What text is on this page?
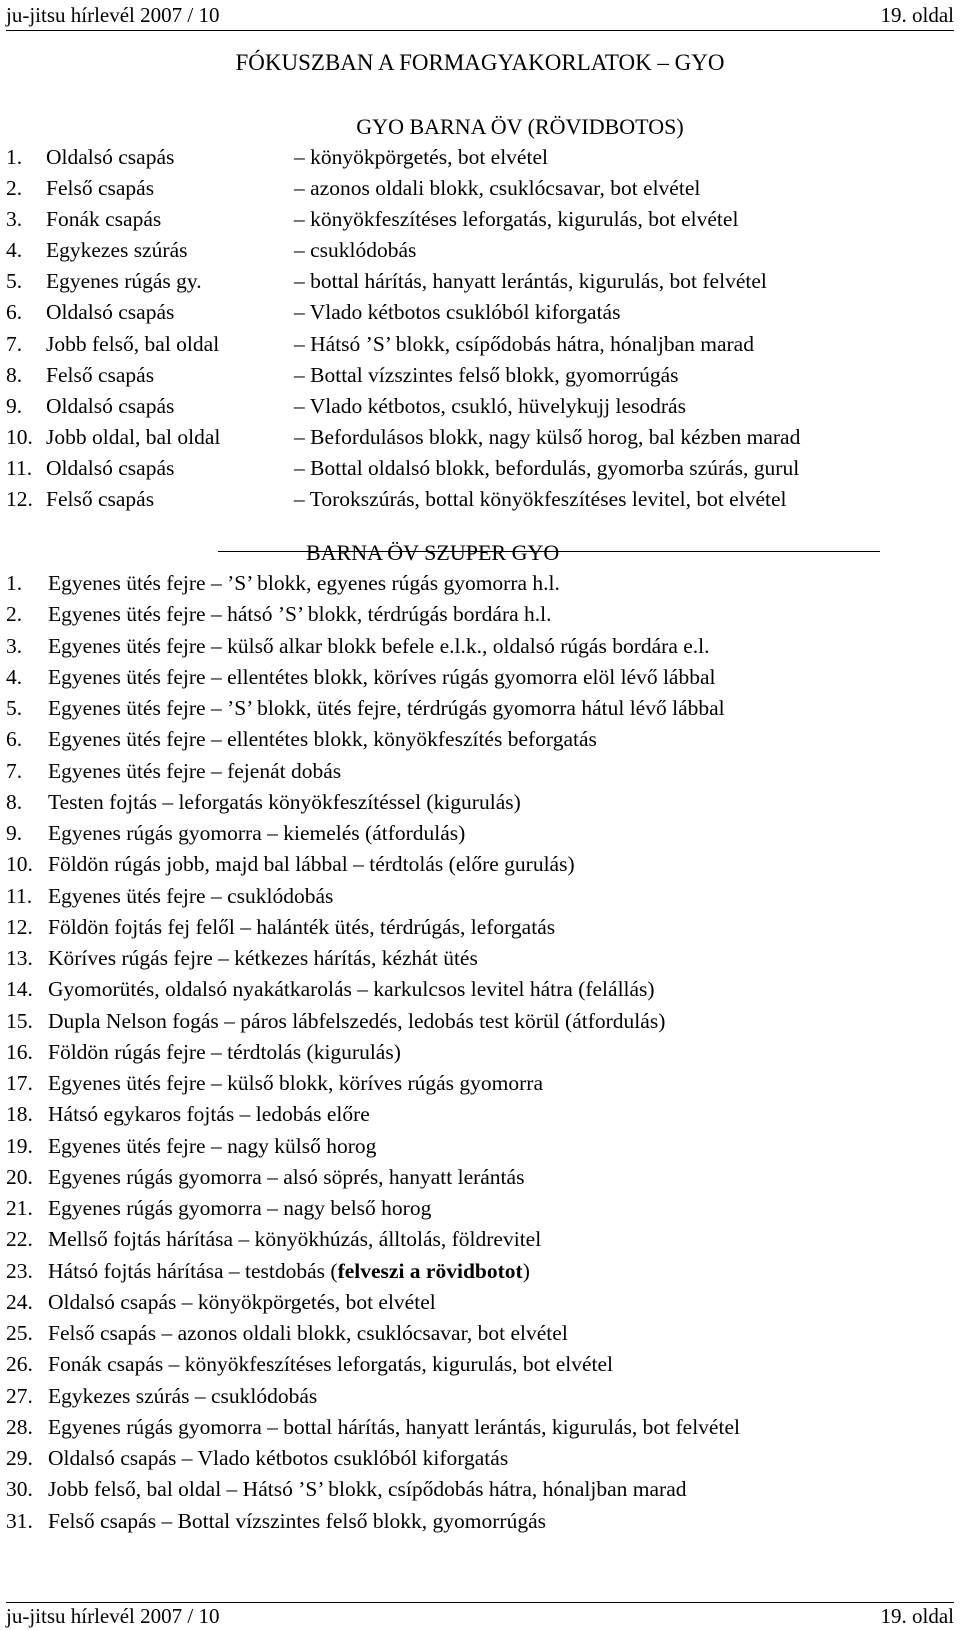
ju-jitsu hírlevél 2007 / 10	19. oldal
FÓKUSZBAN A FORMAGYAKORLATOK – GYO
GYO BARNA ÖV (RÖVIDBOTOS)
1. Oldalsó csapás	– könyökpörgetés, bot elvétel
2. Felső csapás	– azonos oldali blokk, csuklócsavar, bot elvétel
3. Fonák csapás	– könyökfeszítéses leforgatás, kigurulás, bot elvétel
4. Egykezes szúrás	– csuklódobás
5. Egyenes rúgás gy.	– bottal hárítás, hanyatt lerántás, kigurulás, bot felvétel
6. Oldalsó csapás	– Vlado kétbotos csuklóból kiforgatás
7. Jobb felső, bal oldal	– Hátsó ’S’ blokk, csípődobás hátra, hónaljban marad
8. Felső csapás	– Bottal vízszintes felső blokk, gyomorrúgás
9. Oldalsó csapás	– Vlado kétbotos, csukló, hüvelykujj lesodrás
10. Jobb oldal, bal oldal	– Befordulásos blokk, nagy külső horog, bal kézben marad
11. Oldalsó csapás	– Bottal oldalsó blokk, befordulás, gyomorba szúrás, gurul
12. Felső csapás	– Torokszúrás, bottal könyökfeszítéses levitel, bot elvétel
BARNA ÖV SZUPER GYO
1. Egyenes ütés fejre – ’S’ blokk, egyenes rúgás gyomorra h.l.
2. Egyenes ütés fejre – hátsó ’S’ blokk, térdrúgás bordára h.l.
3. Egyenes ütés fejre – külső alkar blokk befele e.l.k., oldalsó rúgás bordára e.l.
4. Egyenes ütés fejre – ellentétes blokk, köríves rúgás gyomorra elöl lévő lábbal
5. Egyenes ütés fejre – ’S’ blokk, ütés fejre, térdrúgás gyomorra hátul lévő lábbal
6. Egyenes ütés fejre – ellentétes blokk, könyökfeszítés beforgatás
7. Egyenes ütés fejre – fejenát dobás
8. Testen fojtás – leforgatás könyökfeszítéssel (kigurulás)
9. Egyenes rúgás gyomorra – kiemelés (átfordulás)
10. Földön rúgás jobb, majd bal lábbal – térdtolás (előre gurulás)
11. Egyenes ütés fejre – csuklódobás
12. Földön fojtás fej felől – halánték ütés, térdrúgás, leforgatás
13. Köríves rúgás fejre – kétkezes hárítás, kézhát ütés
14. Gyomorütés, oldalsó nyakátkarolás – karkulcsos levitel hátra (felállás)
15. Dupla Nelson fogás – páros lábfelszedés, ledobás test körül (átfordulás)
16. Földön rúgás fejre – térdtolás (kigurulás)
17. Egyenes ütés fejre – külső blokk, köríves rúgás gyomorra
18. Hátsó egykaros fojtás – ledobás előre
19. Egyenes ütés fejre – nagy külső horog
20. Egyenes rúgás gyomorra – alsó söprés, hanyatt lerántás
21. Egyenes rúgás gyomorra – nagy belső horog
22. Mellső fojtás hárítása – könyökhúzás, álltolás, földrevitel
23. Hátsó fojtás hárítása – testdobás (felveszi a rövidbotot)
24. Oldalsó csapás – könyökpörgetés, bot elvétel
25. Felső csapás – azonos oldali blokk, csuklócsavar, bot elvétel
26. Fonák csapás – könyökfeszítéses leforgatás, kigurulás, bot elvétel
27. Egykezes szúrás – csuklódobás
28. Egyenes rúgás gyomorra – bottal hárítás, hanyatt lerántás, kigurulás, bot felvétel
29. Oldalsó csapás – Vlado kétbotos csuklóból kiforgatás
30. Jobb felső, bal oldal – Hátsó ’S’ blokk, csípődobás hátra, hónaljban marad
31. Felső csapás – Bottal vízszintes felső blokk, gyomorrúgás
ju-jitsu hírlevél 2007 / 10	19. oldal
